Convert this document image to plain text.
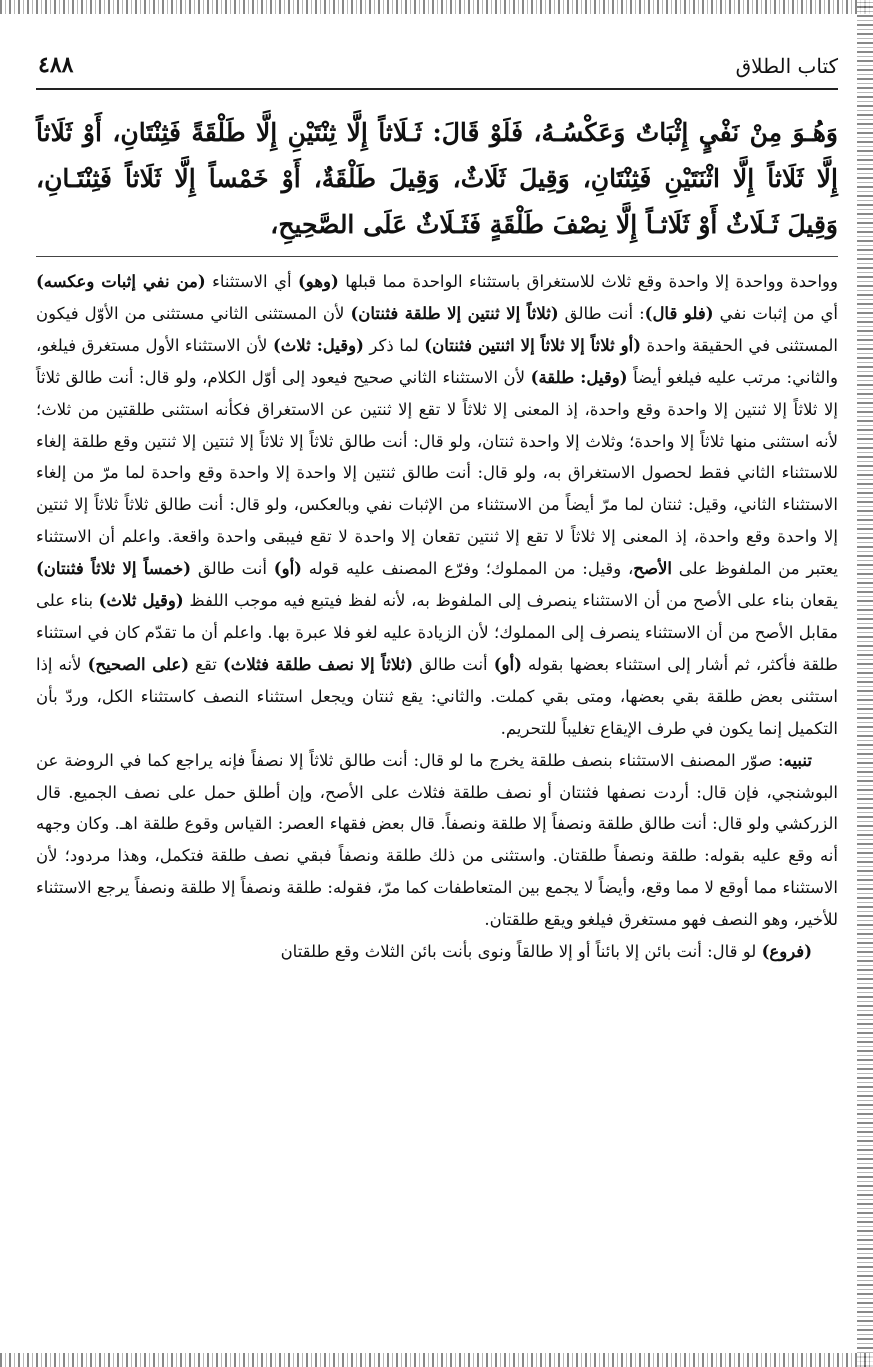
٤٨٨	كتاب الطلاق
وَهُـوَ مِنْ نَفْيٍ إِثْبَاتٌ وَعَكْسُـهُ، فَلَوْ قَالَ: ثَـلَاثاً إِلَّا ثِنْتَيْنِ إِلَّا طَلْقَةً فَثِنْتَانِ، أَوْ ثَلَاثاً إِلَّا ثَلَاثاً إِلَّا اثْنَتَيْنِ فَثِنْتَانِ، وَقِيلَ ثَلَاثٌ، وَقِيلَ طَلْقَةٌ، أَوْ خَمْساً إِلَّا ثَلَاثاً فَثِنْتَـانِ، وَقِيلَ ثَـلَاثٌ أَوْ ثَلَاثـاً إِلَّا نِصْفَ طَلْقَةٍ فَثَـلَاثٌ عَلَى الصَّحِيحِ،

وواحدة وواحدة إلا واحدة وقع ثلاث للاستغراق باستثناء الواحدة مما قبلها (وهو) أي الاستثناء (من نفي إثبات وعكسه) أي من إثبات نفي (فلو قال): أنت طالق (ثلاثاً إلا ثنتين إلا طلقة فثنتان) لأن المستثنى الثاني مستثنى من الأوّل فيكون المستثنى في الحقيقة واحدة (أو ثلاثاً إلا ثلاثاً إلا اثنتين فثنتان) لما ذكر (وقيل: ثلاث) لأن الاستثناء الأول مستغرق فيلغو، والثاني: مرتب عليه فيلغو أيضاً (وقيل: طلقة) لأن الاستثناء الثاني صحيح فيعود إلى أوّل الكلام، ولو قال: أنت طالق ثلاثاً إلا ثلاثاً إلا ثنتين إلا واحدة وقع واحدة، إذ المعنى إلا ثلاثاً لا تقع إلا ثنتين عن الاستغراق فكأنه استثنى طلقتين من ثلاث؛ لأنه استثنى منها ثلاثاً إلا واحدة؛ وثلاث إلا واحدة ثنتان، ولو قال: أنت طالق ثلاثاً إلا ثلاثاً إلا ثنتين إلا ثنتين وقع طلقة إلغاء للاستثناء الثاني فقط لحصول الاستغراق به، ولو قال: أنت طالق ثنتين إلا واحدة إلا واحدة وقع واحدة لما مرّ من إلغاء الاستثناء الثاني، وقيل: ثنتان لما مرّ أيضاً من الاستثناء من الإثبات نفي وبالعكس، ولو قال: أنت طالق ثلاثاً ثلاثاً إلا ثنتين إلا واحدة وقع واحدة، إذ المعنى إلا ثلاثاً لا تقع إلا ثنتين تقعان إلا واحدة لا تقع فيبقى واحدة واقعة. واعلم أن الاستثناء يعتبر من الملفوظ على الأصح، وقيل: من المملوك؛ وفرّع المصنف عليه قوله (أو) أنت طالق (خمساً إلا ثلاثاً فثنتان) يقعان بناء على الأصح من أن الاستثناء ينصرف إلى الملفوظ به، لأنه لفظ فيتبع فيه موجب اللفظ (وقيل ثلاث) بناء على مقابل الأصح من أن الاستثناء ينصرف إلى المملوك؛ لأن الزيادة عليه لغو فلا عبرة بها. واعلم أن ما تقدّم كان في استثناء طلقة فأكثر، ثم أشار إلى استثناء بعضها بقوله (أو) أنت طالق (ثلاثاً إلا نصف طلقة فثلاث) تقع (على الصحيح) لأنه إذا استثنى بعض طلقة بقي بعضها، ومتى بقي كملت. والثاني: يقع ثنتان ويجعل استثناء النصف كاستثناء الكل، وردّ بأن التكميل إنما يكون في طرف الإيقاع تغليباً للتحريم.

تنبيه: صوّر المصنف الاستثناء بنصف طلقة يخرج ما لو قال: أنت طالق ثلاثاً إلا نصفاً فإنه يراجع كما في الروضة عن البوشنجي، فإن قال: أردت نصفها فثنتان أو نصف طلقة فثلاث على الأصح، وإن أطلق حمل على نصف الجميع. قال الزركشي ولو قال: أنت طالق طلقة ونصفاً إلا طلقة ونصفاً. قال بعض فقهاء العصر: القياس وقوع طلقة اهـ. وكان وجهه أنه وقع عليه بقوله: طلقة ونصفاً طلقتان. واستثنى من ذلك طلقة ونصفاً فبقي نصف طلقة فتكمل، وهذا مردود؛ لأن الاستثناء مما أوقع لا مما وقع، وأيضاً لا يجمع بين المتعاطفات كما مرّ، فقوله: طلقة ونصفاً إلا طلقة ونصفاً يرجع الاستثناء للأخير، وهو النصف فهو مستغرق فيلغو ويقع طلقتان.

(فروع) لو قال: أنت بائن إلا بائناً أو إلا طالقاً ونوى بأنت بائن الثلاث وقع طلقتان
